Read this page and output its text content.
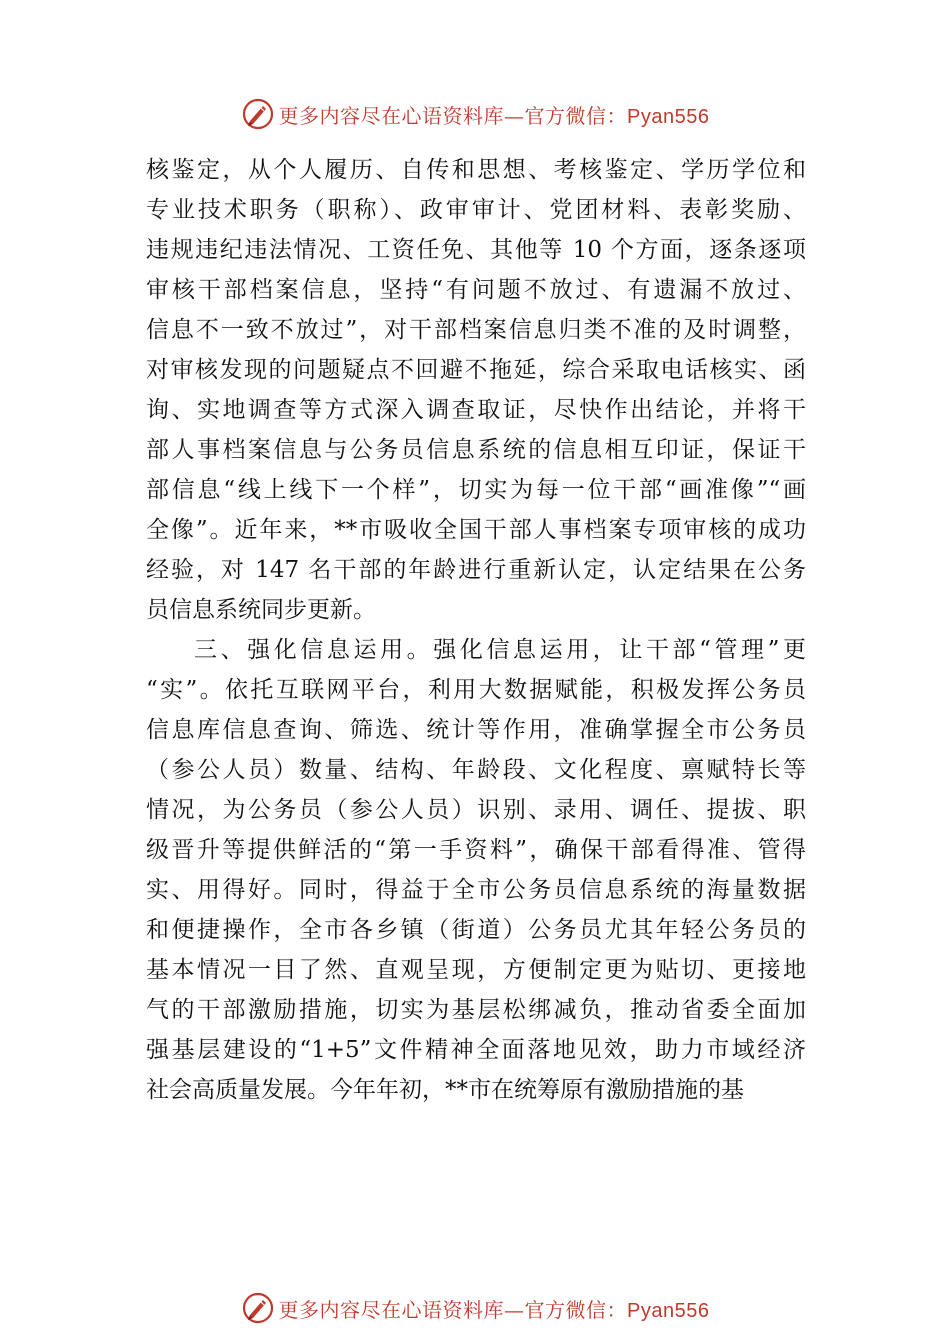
更多内容尽在心语资料库—官方微信：Pyan556
核鉴定，从个人履历、自传和思想、考核鉴定、学历学位和
专业技术职务（职称）、政审审计、党团材料、表彰奖励、
违规违纪违法情况、工资任免、其他等 10 个方面，逐条逐项
审核干部档案信息，坚持“有问题不放过、有遗漏不放过、
信息不一致不放过”，对干部档案信息归类不准的及时调整，
对审核发现的问题疑点不回避不拖延，综合采取电话核实、函
询、实地调查等方式深入调查取证，尽快作出结论，并将干
部人事档案信息与公务员信息系统的信息相互印证，保证干
部信息“线上线下一个样”，切实为每一位干部“画准像”“画
全像”。近年来，**市吸收全国干部人事档案专项审核的成功
经验，对 147 名干部的年龄进行重新认定，认定结果在公务
员信息系统同步更新。
三、强化信息运用。强化信息运用，让干部“管理”更
“实”。依托互联网平台，利用大数据赋能，积极发挥公务员
信息库信息查询、筛选、统计等作用，准确掌握全市公务员
（参公人员）数量、结构、年龄段、文化程度、禀赋特长等
情况，为公务员（参公人员）识别、录用、调任、提拔、职
级晋升等提供鲜活的“第一手资料”，确保干部看得准、管得
实、用得好。同时，得益于全市公务员信息系统的海量数据
和便捷操作，全市各乡镇（街道）公务员尤其年轻公务员的
基本情况一目了然、直观呈现，方便制定更为贴切、更接地
气的干部激励措施，切实为基层松绑减负，推动省委全面加
强基层建设的“1+5”文件精神全面落地见效，助力市域经济
社会高质量发展。今年年初，**市在统筹原有激励措施的基
更多内容尽在心语资料库—官方微信：Pyan556
